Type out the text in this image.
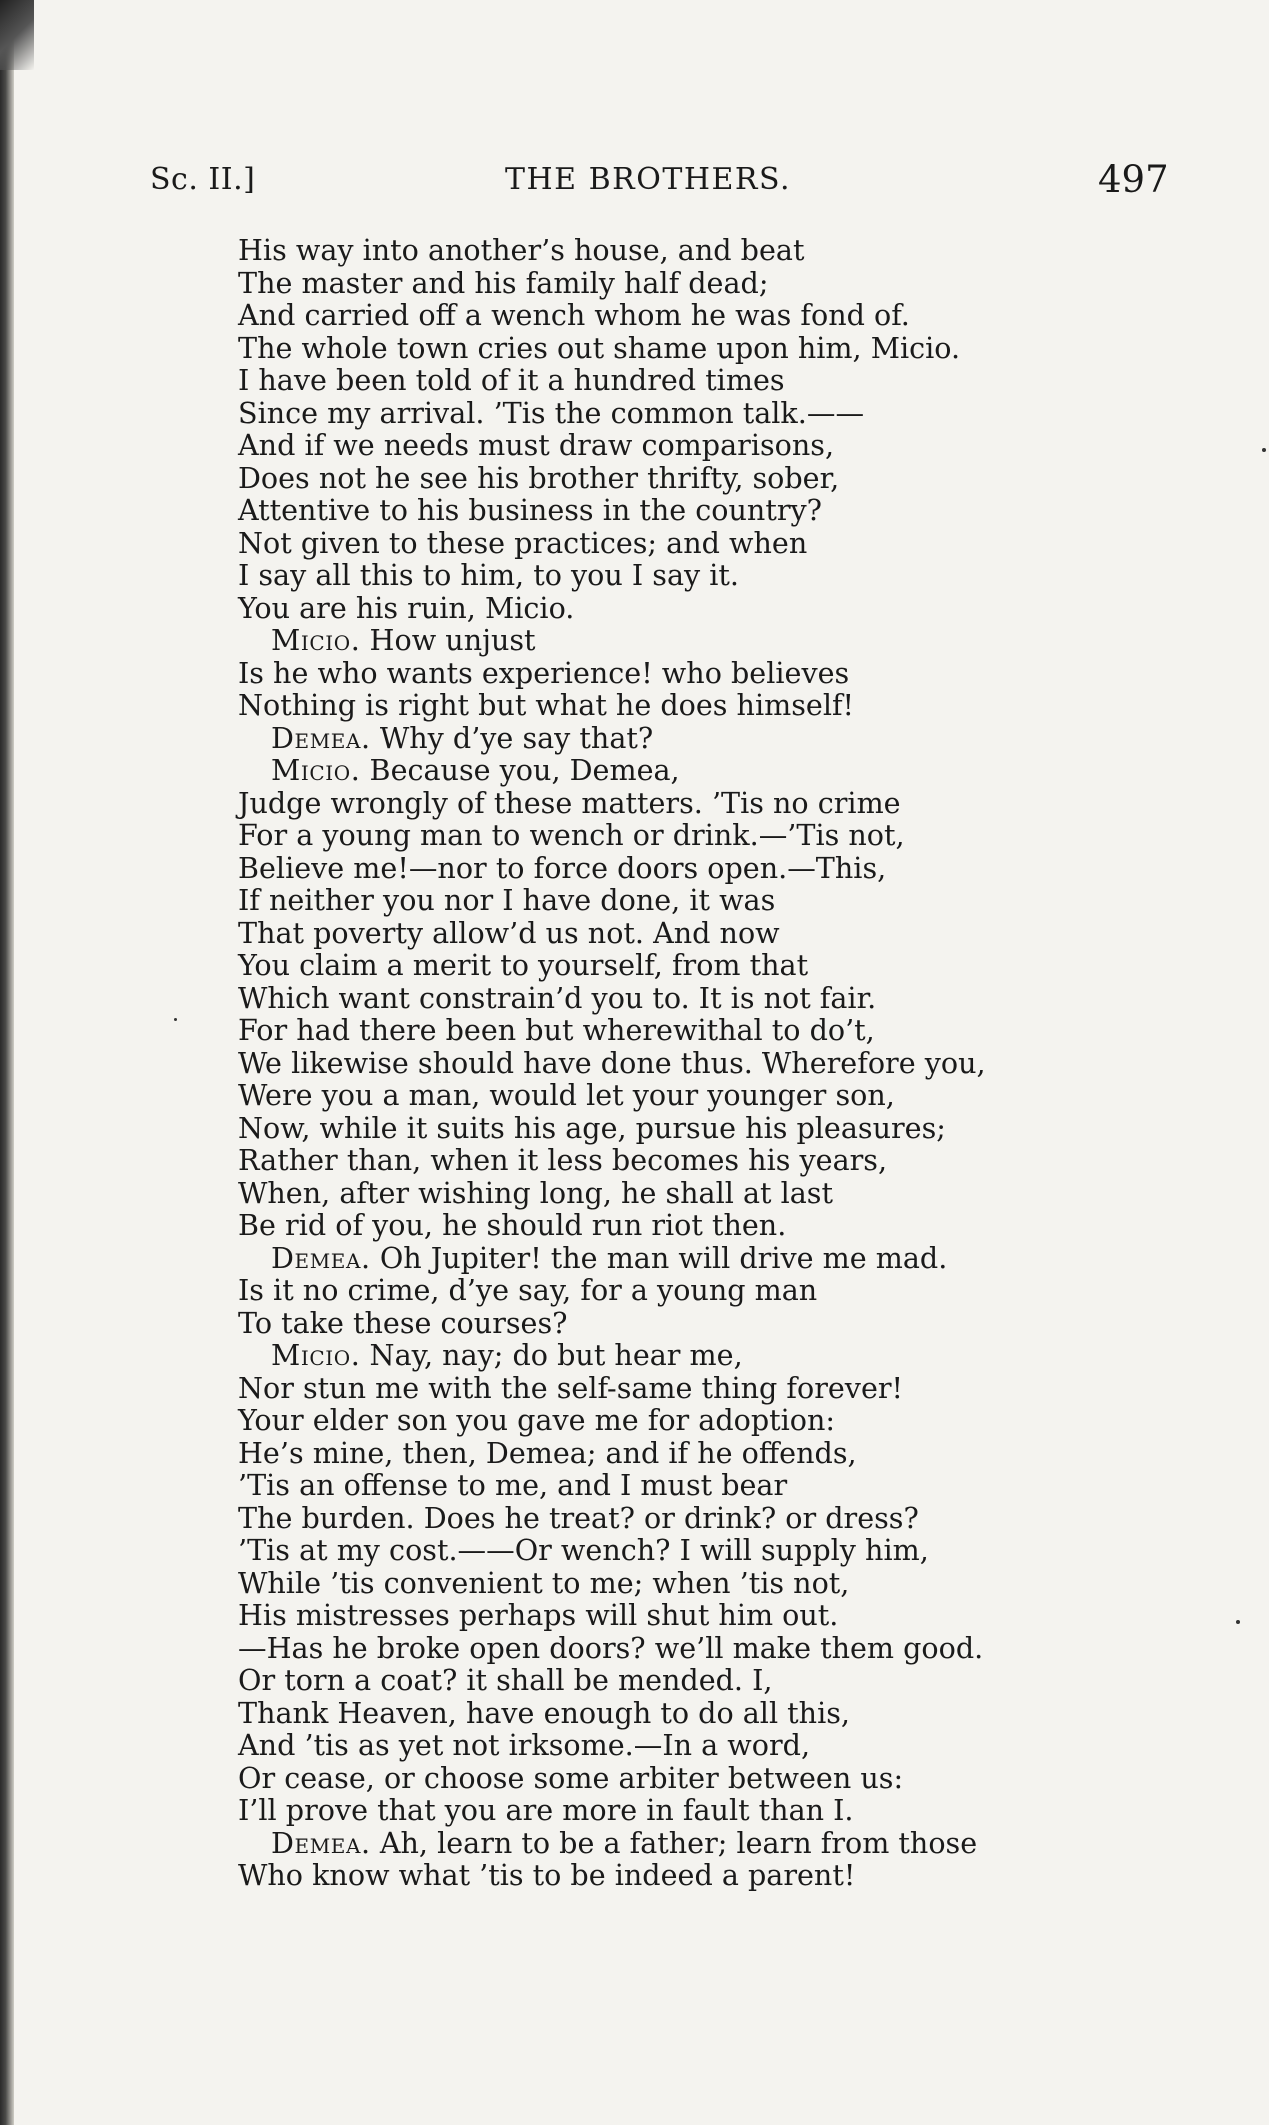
Sc. II.]	THE BROTHERS.	497
His way into another’s house, and beat
The master and his family half dead;
And carried off a wench whom he was fond of.
The whole town cries out shame upon him, Micio.
I have been told of it a hundred times
Since my arrival. ’Tis the common talk.——
And if we needs must draw comparisons,
Does not he see his brother thrifty, sober,
Attentive to his business in the country?
Not given to these practices; and when
I say all this to him, to you I say it.
You are his ruin, Micio.
Micio. How unjust
Is he who wants experience! who believes
Nothing is right but what he does himself!
Demea. Why d’ye say that?
Micio. Because you, Demea,
Judge wrongly of these matters. ’Tis no crime
For a young man to wench or drink.—’Tis not,
Believe me!—nor to force doors open.—This,
If neither you nor I have done, it was
That poverty allow’d us not. And now
You claim a merit to yourself, from that
Which want constrain’d you to. It is not fair.
For had there been but wherewithal to do’t,
We likewise should have done thus. Wherefore you,
Were you a man, would let your younger son,
Now, while it suits his age, pursue his pleasures;
Rather than, when it less becomes his years,
When, after wishing long, he shall at last
Be rid of you, he should run riot then.
Demea. Oh Jupiter! the man will drive me mad.
Is it no crime, d’ye say, for a young man
To take these courses?
Micio. Nay, nay; do but hear me,
Nor stun me with the self-same thing forever!
Your elder son you gave me for adoption:
He’s mine, then, Demea; and if he offends,
’Tis an offense to me, and I must bear
The burden. Does he treat? or drink? or dress?
’Tis at my cost.——Or wench? I will supply him,
While ’tis convenient to me; when ’tis not,
His mistresses perhaps will shut him out.
—Has he broke open doors? we’ll make them good.
Or torn a coat? it shall be mended. I,
Thank Heaven, have enough to do all this,
And ’tis as yet not irksome.—In a word,
Or cease, or choose some arbiter between us:
I’ll prove that you are more in fault than I.
Demea. Ah, learn to be a father; learn from those
Who know what ’tis to be indeed a parent!
